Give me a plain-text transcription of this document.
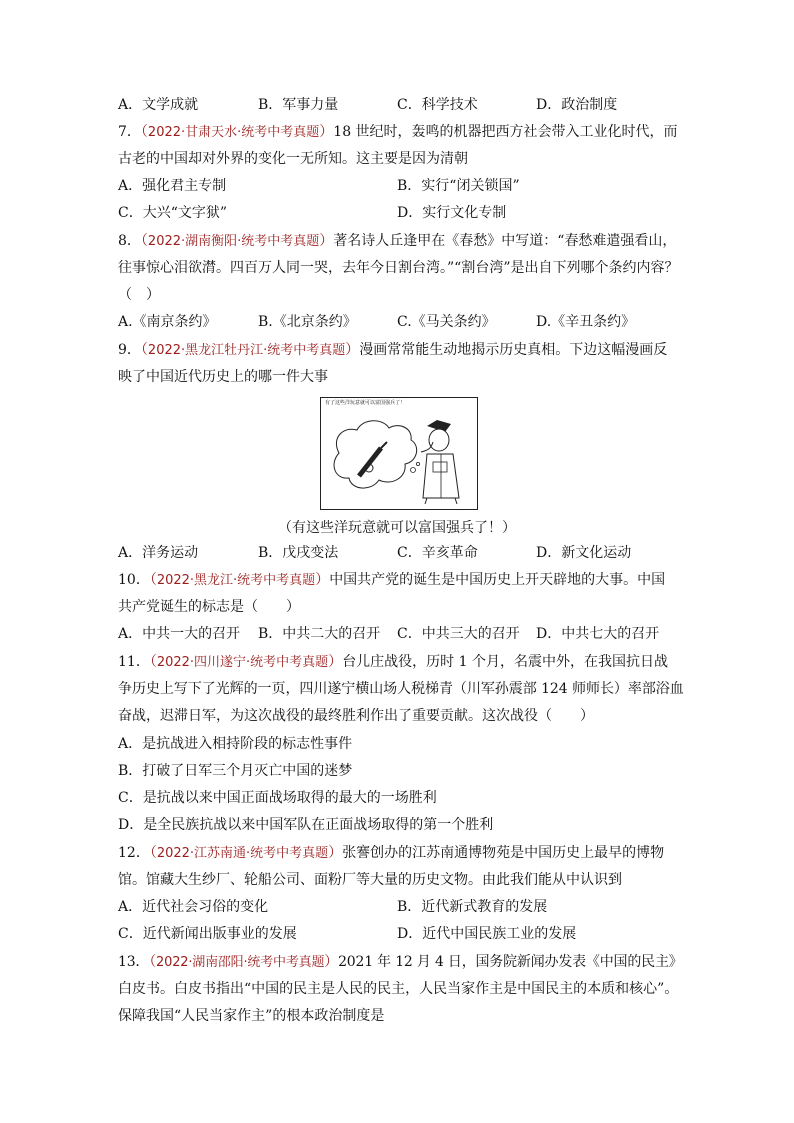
A．文学成就	B．军事力量	C．科学技术	D．政治制度
7．（2022·甘肃天水·统考中考真题）18 世纪时，轰鸣的机器把西方社会带入工业化时代，而
古老的中国却对外界的变化一无所知。这主要是因为清朝
A．强化君主专制	B．实行“闭关锁国”
C．大兴“文字狱”	D．实行文化专制
8．（2022·湖南衡阳·统考中考真题）著名诗人丘逢甲在《春愁》中写道：“春愁难遣强看山，
往事惊心泪欲潸。四百万人同一哭，去年今日割台湾。”“割台湾”是出自下列哪个条约内容？
（　）
A.《南京条约》	B.《北京条约》	C.《马关条约》	D.《辛丑条约》
9．（2022·黑龙江牡丹江·统考中考真题）漫画常常能生动地揭示历史真相。下边这幅漫画反
映了中国近代历史上的哪一件大事
有了这些洋玩意就可以富国强兵了！
（有这些洋玩意就可以富国强兵了！）
A．洋务运动	B．戊戌变法	C．辛亥革命	D．新文化运动
10．（2022·黑龙江·统考中考真题）中国共产党的诞生是中国历史上开天辟地的大事。中国
共产党诞生的标志是（　　）
A．中共一大的召开 B．中共二大的召开 C．中共三大的召开 D．中共七大的召开
11．（2022·四川遂宁·统考中考真题）台儿庄战役，历时 1 个月，名震中外，在我国抗日战
争历史上写下了光辉的一页，四川遂宁横山场人税梯青（川军孙震部 124 师师长）率部浴血
奋战，迟滞日军，为这次战役的最终胜利作出了重要贡献。这次战役（　　）
A．是抗战进入相持阶段的标志性事件
B．打破了日军三个月灭亡中国的迷梦
C．是抗战以来中国正面战场取得的最大的一场胜利
D．是全民族抗战以来中国军队在正面战场取得的第一个胜利
12．（2022·江苏南通·统考中考真题）张謇创办的江苏南通博物苑是中国历史上最早的博物
馆。馆藏大生纱厂、轮船公司、面粉厂等大量的历史文物。由此我们能从中认识到
A．近代社会习俗的变化	B．近代新式教育的发展
C．近代新闻出版事业的发展	D．近代中国民族工业的发展
13．（2022·湖南邵阳·统考中考真题）2021 年 12 月 4 日，国务院新闻办发表《中国的民主》
白皮书。白皮书指出“中国的民主是人民的民主，人民当家作主是中国民主的本质和核心”。
保障我国“人民当家作主”的根本政治制度是
